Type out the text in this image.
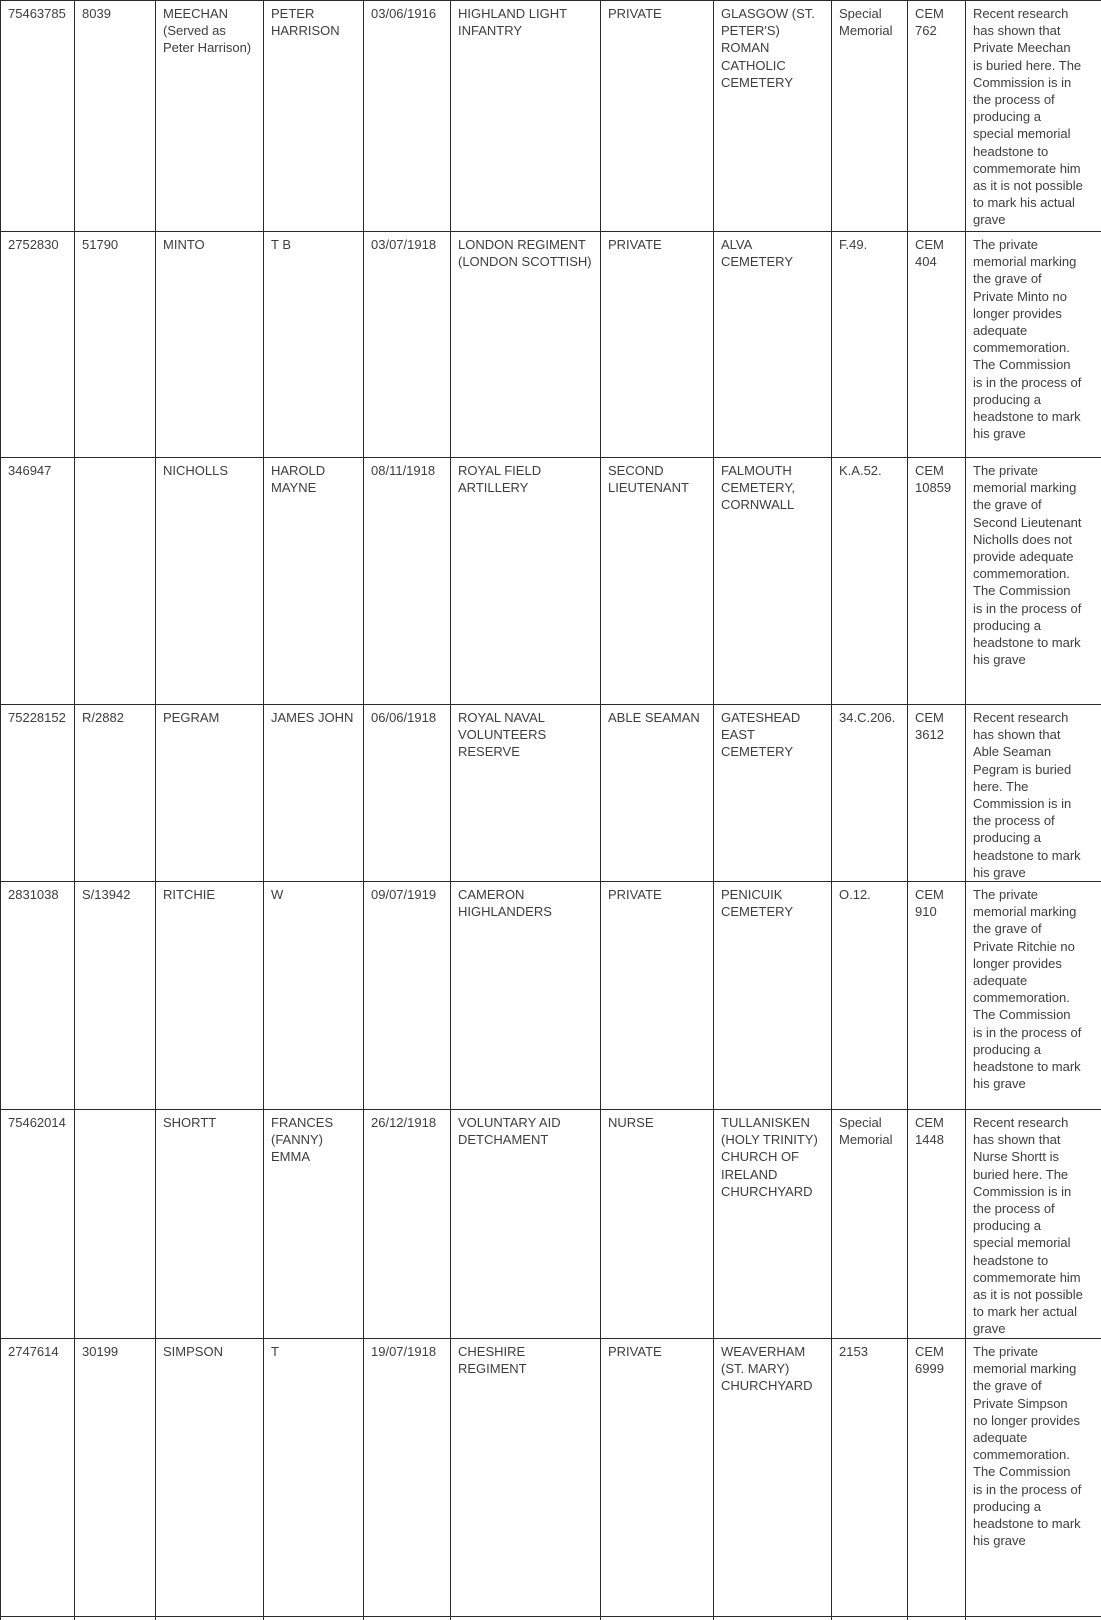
75463785	8039	MEECHAN (Served as Peter Harrison)	PETER HARRISON	03/06/1916	HIGHLAND LIGHT INFANTRY	PRIVATE	GLASGOW (ST. PETER'S) ROMAN CATHOLIC CEMETERY	Special Memorial	CEM 762	Recent research has shown that Private Meechan is buried here. The Commission is in the process of producing a special memorial headstone to commemorate him as it is not possible to mark his actual grave
2752830	51790	MINTO	T B	03/07/1918	LONDON REGIMENT (LONDON SCOTTISH)	PRIVATE	ALVA CEMETERY	F.49.	CEM 404	The private memorial marking the grave of Private Minto no longer provides adequate commemoration. The Commission is in the process of producing a headstone to mark his grave
346947		NICHOLLS	HAROLD MAYNE	08/11/1918	ROYAL FIELD ARTILLERY	SECOND LIEUTENANT	FALMOUTH CEMETERY, CORNWALL	K.A.52.	CEM 10859	The private memorial marking the grave of Second Lieutenant Nicholls does not provide adequate commemoration. The Commission is in the process of producing a headstone to mark his grave
75228152	R/2882	PEGRAM	JAMES JOHN	06/06/1918	ROYAL NAVAL VOLUNTEERS RESERVE	ABLE SEAMAN	GATESHEAD EAST CEMETERY	34.C.206.	CEM 3612	Recent research has shown that Able Seaman Pegram is buried here. The Commission is in the process of producing a headstone to mark his grave
2831038	S/13942	RITCHIE	W	09/07/1919	CAMERON HIGHLANDERS	PRIVATE	PENICUIK CEMETERY	O.12.	CEM 910	The private memorial marking the grave of Private Ritchie no longer provides adequate commemoration. The Commission is in the process of producing a headstone to mark his grave
75462014		SHORTT	FRANCES (FANNY) EMMA	26/12/1918	VOLUNTARY AID DETCHAMENT	NURSE	TULLANISKEN (HOLY TRINITY) CHURCH OF IRELAND CHURCHYARD	Special Memorial	CEM 1448	Recent research has shown that Nurse Shortt is buried here. The Commission is in the process of producing a special memorial headstone to commemorate him as it is not possible to mark her actual grave
2747614	30199	SIMPSON	T	19/07/1918	CHESHIRE REGIMENT	PRIVATE	WEAVERHAM (ST. MARY) CHURCHYARD	2153	CEM 6999	The private memorial marking the grave of Private Simpson no longer provides adequate commemoration. The Commission is in the process of producing a headstone to mark his grave
